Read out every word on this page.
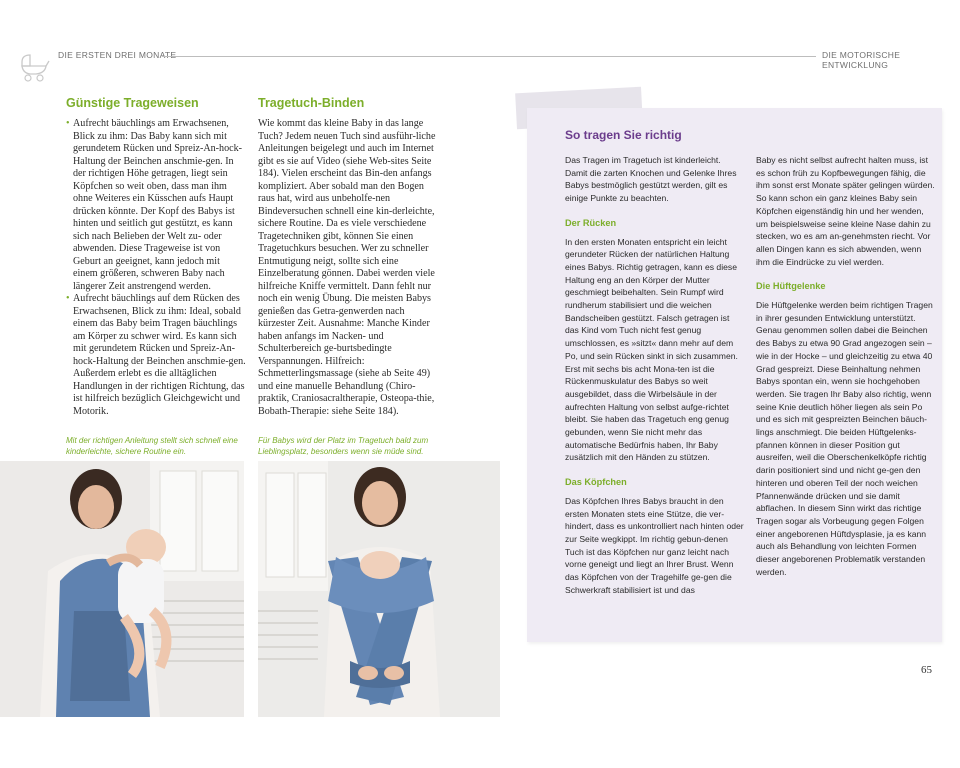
DIE ERSTEN DREI MONATE	DIE MOTORISCHE ENTWICKLUNG
Günstige Trageweisen
• Aufrecht bäuchlings am Erwachsenen, Blick zu ihm: Das Baby kann sich mit gerundetem Rücken und Spreiz-An-hock-Haltung der Beinchen anschmie-gen. In der richtigen Höhe getragen, liegt sein Köpfchen so weit oben, dass man ihm ohne Weiteres ein Küsschen aufs Haupt drücken könnte. Der Kopf des Babys ist hinten und seitlich gut gestützt, es kann sich nach Belieben der Welt zu- oder abwenden. Diese Trageweise ist von Geburt an geeignet, kann jedoch mit einem größeren, schweren Baby nach längerer Zeit anstrengend werden.
• Aufrecht bäuchlings auf dem Rücken des Erwachsenen, Blick zu ihm: Ideal, sobald einem das Baby beim Tragen bäuchlings am Körper zu schwer wird. Es kann sich mit gerundetem Rücken und Spreiz-An-hock-Haltung der Beinchen anschmie-gen. Außerdem erlebt es die alltäglichen Handlungen in der richtigen Richtung, das ist hilfreich bezüglich Gleichgewicht und Motorik.
Tragetuch-Binden
Wie kommt das kleine Baby in das lange Tuch? Jedem neuen Tuch sind ausführ-liche Anleitungen beigelegt und auch im Internet gibt es sie auf Video (siehe Web-sites Seite 184). Vielen erscheint das Bin-den anfangs kompliziert. Aber sobald man den Bogen raus hat, wird aus unbeholfe-nen Bindeversuchen schnell eine kin-derleichte, sichere Routine. Da es viele verschiedene Tragetechniken gibt, können Sie einen Tragetuchkurs besuchen. Wer zu schneller Entmutigung neigt, sollte sich eine Einzelberatung gönnen. Dabei werden viele hilfreiche Kniffe vermittelt. Dann fehlt nur noch ein wenig Übung. Die meisten Babys genießen das Getra-genwerden nach kürzester Zeit. Ausnahme: Manche Kinder haben anfangs im Nacken- und Schulterbereich ge-burtsbedingte Verspannungen. Hilfreich: Schmetterlingsmassage (siehe ab Seite 49) und eine manuelle Behandlung (Chiro-praktik, Craniosacraltherapie, Osteopa-thie, Bobath-Therapie: siehe Seite 184).
Mit der richtigen Anleitung stellt sich schnell eine kinderleichte, sichere Routine ein.
Für Babys wird der Platz im Tragetuch bald zum Lieblingsplatz, besonders wenn sie müde sind.
So tragen Sie richtig

Das Tragen im Tragetuch ist kinderleicht. Damit die zarten Knochen und Gelenke Ihres Babys bestmöglich gestützt werden, gilt es einige Punkte zu beachten.

Der Rücken

In den ersten Monaten entspricht ein leicht gerundeter Rücken der natürlichen Haltung eines Babys. Richtig getragen, kann es diese Haltung eng an den Körper der Mutter geschmiegt beibehalten. Sein Rumpf wird rundherum stabilisiert und die weichen Bandscheiben gestützt. Falsch getragen ist das Kind vom Tuch nicht fest genug umschlossen, es »sitzt« dann mehr auf dem Po, und sein Rücken sinkt in sich zusammen. Erst mit sechs bis acht Mona-ten ist die Rückenmuskulatur des Babys so weit ausgebildet, dass die Wirbelsäule in der aufrechten Haltung von selbst aufge-richtet bleibt. Sie haben das Tragetuch eng genug gebunden, wenn Sie nicht mehr das automatische Bedürfnis haben, Ihr Baby zusätzlich mit den Händen zu stützen.

Das Köpfchen

Das Köpfchen Ihres Babys braucht in den ersten Monaten stets eine Stütze, die ver-hindert, dass es unkontrolliert nach hinten oder zur Seite wegkippt. Im richtig gebun-denen Tuch ist das Köpfchen nur ganz leicht nach vorne geneigt und liegt an Ihrer Brust. Wenn das Köpfchen von der Tragehilfe ge-gen die Schwerkraft stabilisiert ist und das

Baby es nicht selbst aufrecht halten muss, ist es schon früh zu Kopfbewegungen fähig, die ihm sonst erst Monate später gelingen würden. So kann schon ein ganz kleines Baby sein Köpfchen eigenständig hin und her wenden, um beispielsweise seine kleine Nase dahin zu stecken, wo es am an-genehmsten riecht. Vor allen Dingen kann es sich abwenden, wenn ihm die Eindrücke zu viel werden.

Die Hüftgelenke

Die Hüftgelenke werden beim richtigen Tragen in ihrer gesunden Entwicklung unterstützt. Genau genommen sollen dabei die Beinchen des Babys zu etwa 90 Grad angezogen sein – wie in der Hocke – und gleichzeitig zu etwa 40 Grad gespreizt. Diese Beinhaltung nehmen Babys spontan ein, wenn sie hochgehoben werden. Sie tragen Ihr Baby also richtig, wenn seine Knie deutlich höher liegen als sein Po und es sich mit gespreizten Beinchen bäuch-lings anschmiegt. Die beiden Hüftgelenks-pfannen können in dieser Position gut ausreifen, weil die Oberschenkelköpfe richtig darin positioniert sind und nicht ge-gen den hinteren und oberen Teil der noch weichen Pfannenwände drücken und sie damit abflachen. In diesem Sinn wirkt das richtige Tragen sogar als Vorbeugung gegen Folgen einer angeborenen Hüftdysplasie, ja es kann auch als Behandlung von leichten Formen dieser angeborenen Problematik verstanden werden.

65
